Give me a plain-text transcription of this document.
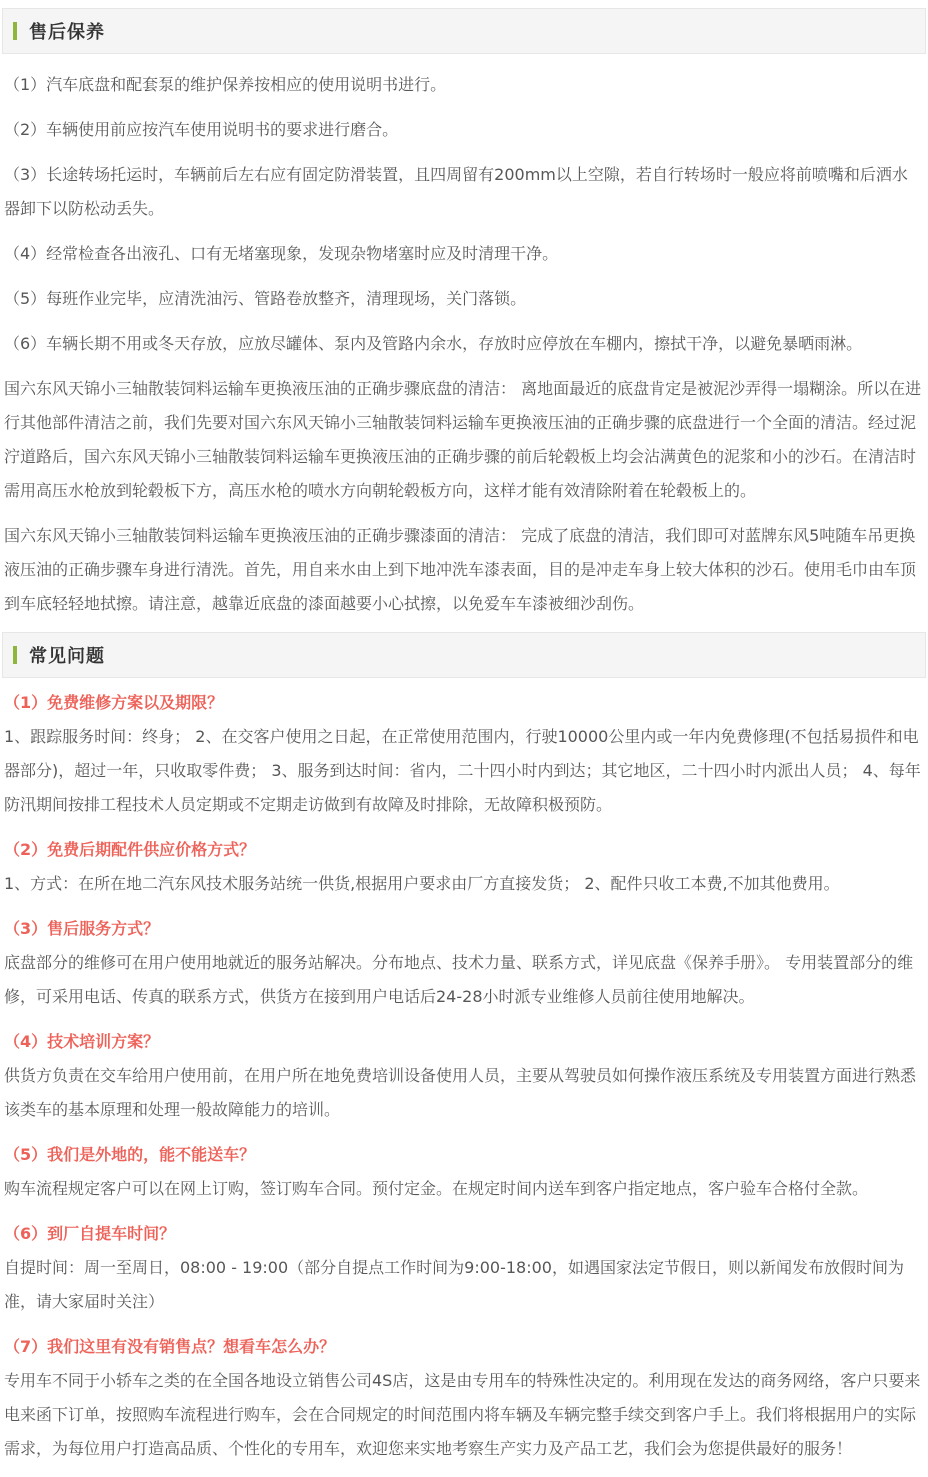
售后保养

（1）汽车底盘和配套泵的维护保养按相应的使用说明书进行。

（2）车辆使用前应按汽车使用说明书的要求进行磨合。

（3）长途转场托运时，车辆前后左右应有固定防滑装置，且四周留有200mm以上空隙，若自行转场时一般应将前喷嘴和后洒水器卸下以防松动丢失。

（4）经常检查各出液孔、口有无堵塞现象，发现杂物堵塞时应及时清理干净。

（5）每班作业完毕，应清洗油污、管路卷放整齐，清理现场，关门落锁。

（6）车辆长期不用或冬天存放，应放尽罐体、泵内及管路内余水，存放时应停放在车棚内，擦拭干净，以避免暴晒雨淋。

国六东风天锦小三轴散装饲料运输车更换液压油的正确步骤底盘的清洁： 离地面最近的底盘肯定是被泥沙弄得一塌糊涂。所以在进行其他部件清洁之前，我们先要对国六东风天锦小三轴散装饲料运输车更换液压油的正确步骤的底盘进行一个全面的清洁。经过泥泞道路后，国六东风天锦小三轴散装饲料运输车更换液压油的正确步骤的前后轮毂板上均会沾满黄色的泥浆和小的沙石。在清洁时需用高压水枪放到轮毂板下方，高压水枪的喷水方向朝轮毂板方向，这样才能有效清除附着在轮毂板上的。

国六东风天锦小三轴散装饲料运输车更换液压油的正确步骤漆面的清洁： 完成了底盘的清洁，我们即可对蓝牌东风5吨随车吊更换液压油的正确步骤车身进行清洗。首先，用自来水由上到下地冲洗车漆表面，目的是冲走车身上较大体积的沙石。使用毛巾由车顶到车底轻轻地拭擦。请注意，越靠近底盘的漆面越要小心拭擦，以免爱车车漆被细沙刮伤。

常见问题
（1）免费维修方案以及期限？

1、跟踪服务时间：终身； 2、在交客户使用之日起，在正常使用范围内，行驶10000公里内或一年内免费修理(不包括易损件和电器部分)，超过一年，只收取零件费； 3、服务到达时间：省内，二十四小时内到达；其它地区，二十四小时内派出人员； 4、每年防汛期间按排工程技术人员定期或不定期走访做到有故障及时排除，无故障积极预防。

（2）免费后期配件供应价格方式？

1、方式：在所在地二汽东风技术服务站统一供货,根据用户要求由厂方直接发货； 2、配件只收工本费,不加其他费用。

（3）售后服务方式？

底盘部分的维修可在用户使用地就近的服务站解决。分布地点、技术力量、联系方式，详见底盘《保养手册》。 专用装置部分的维修，可采用电话、传真的联系方式，供货方在接到用户电话后24-28小时派专业维修人员前往使用地解决。

（4）技术培训方案？

供货方负责在交车给用户使用前，在用户所在地免费培训设备使用人员，主要从驾驶员如何操作液压系统及专用装置方面进行熟悉该类车的基本原理和处理一般故障能力的培训。

（5）我们是外地的，能不能送车？

购车流程规定客户可以在网上订购，签订购车合同。预付定金。在规定时间内送车到客户指定地点，客户验车合格付全款。

（6）到厂自提车时间？

自提时间：周一至周日，08:00 - 19:00（部分自提点工作时间为9:00-18:00，如遇国家法定节假日，则以新闻发布放假时间为准，请大家届时关注）

（7）我们这里有没有销售点？想看车怎么办？

专用车不同于小轿车之类的在全国各地设立销售公司4S店，这是由专用车的特殊性决定的。利用现在发达的商务网络，客户只要来电来函下订单，按照购车流程进行购车，会在合同规定的时间范围内将车辆及车辆完整手续交到客户手上。我们将根据用户的实际需求，为每位用户打造高品质、个性化的专用车，欢迎您来实地考察生产实力及产品工艺，我们会为您提供最好的服务！
